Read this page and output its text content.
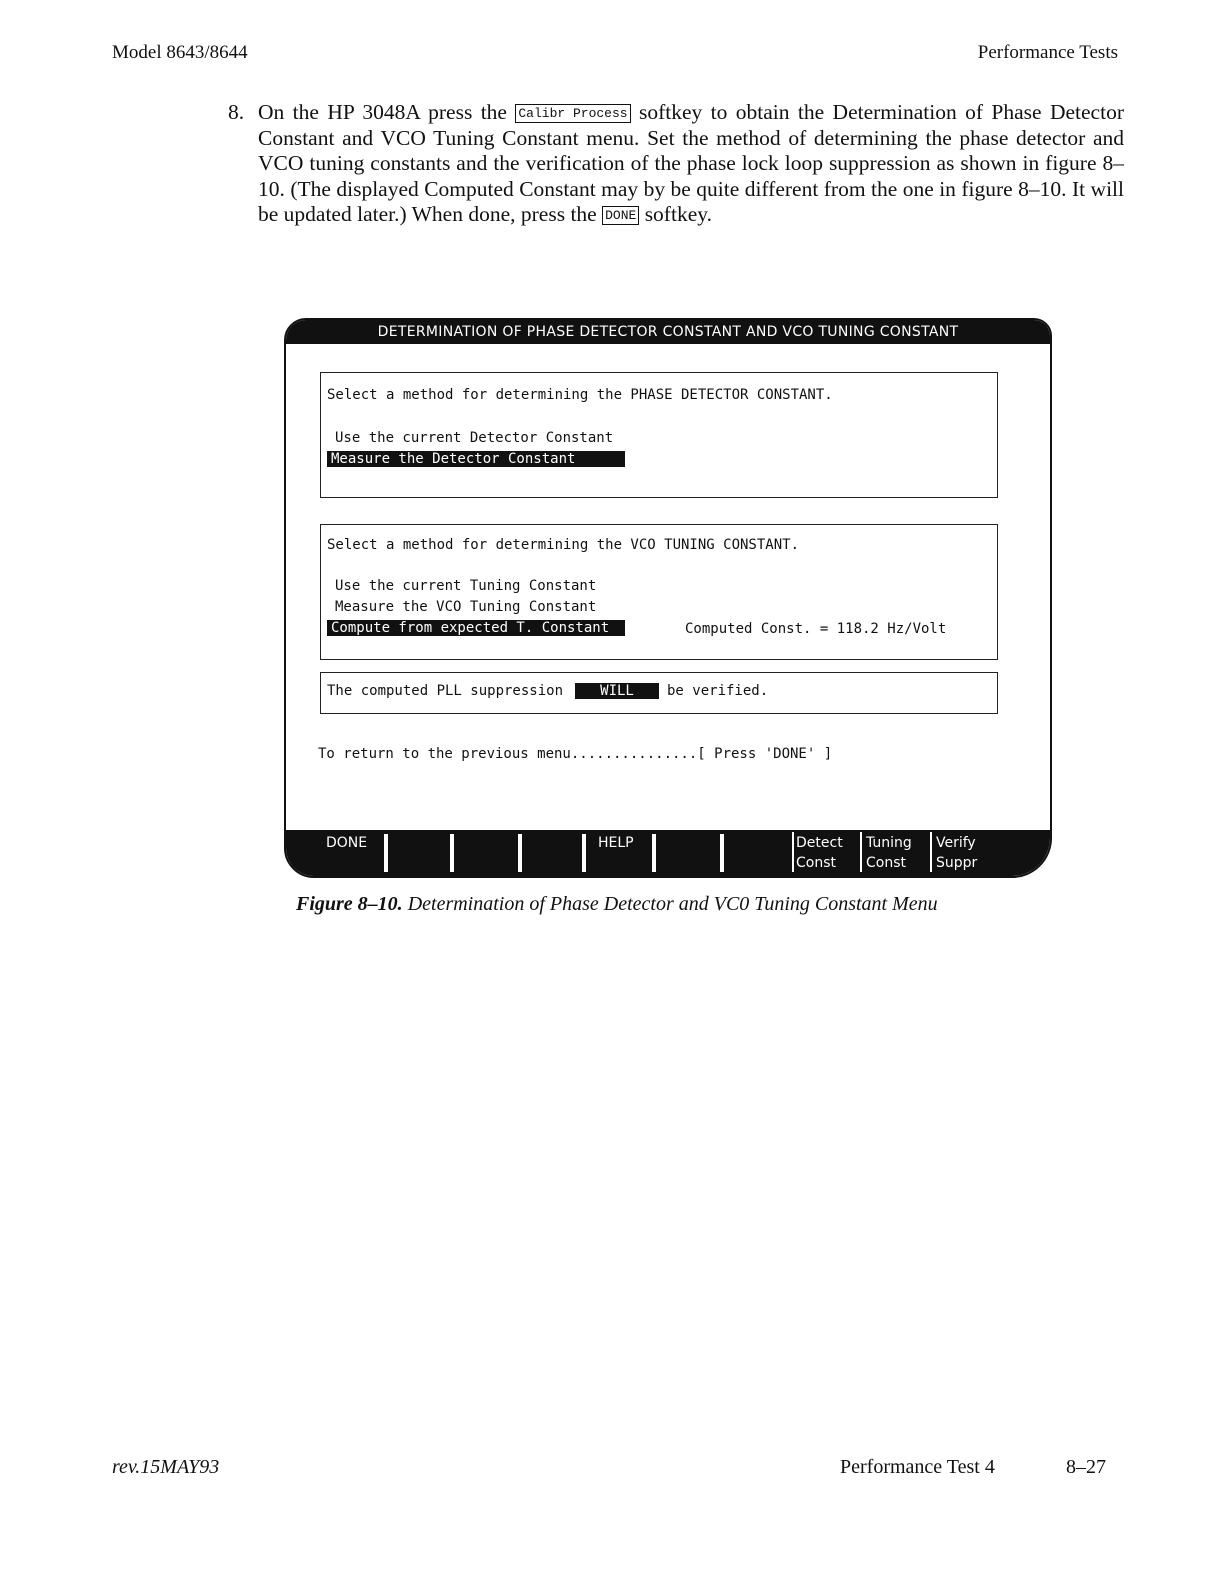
Model 8643/8644	Performance Tests
8. On the HP 3048A press the Calibr Process softkey to obtain the Determination of Phase Detector Constant and VCO Tuning Constant menu. Set the method of determining the phase detector and VCO tuning constants and the verification of the phase lock loop suppression as shown in figure 8–10. (The displayed Computed Constant may by be quite different from the one in figure 8–10. It will be updated later.) When done, press the DONE softkey.
DETERMINATION OF PHASE DETECTOR CONSTANT AND VCO TUNING CONSTANT
Select a method for determining the PHASE DETECTOR CONSTANT.
Use the current Detector Constant
Measure the Detector Constant
Select a method for determining the VCO TUNING CONSTANT.
Use the current Tuning Constant
Measure the VCO Tuning Constant
Compute from expected T. Constant	Computed Const. = 118.2 Hz/Volt
The computed PLL suppression	WILL	be verified.
To return to the previous menu...............[ Press 'DONE' ]
DONE	HELP	Detect
Const
Tuning
Const
Verify
Suppr
Figure 8–10. Determination of Phase Detector and VC0 Tuning Constant Menu
rev.15MAY93	Performance Test 4	8–27
